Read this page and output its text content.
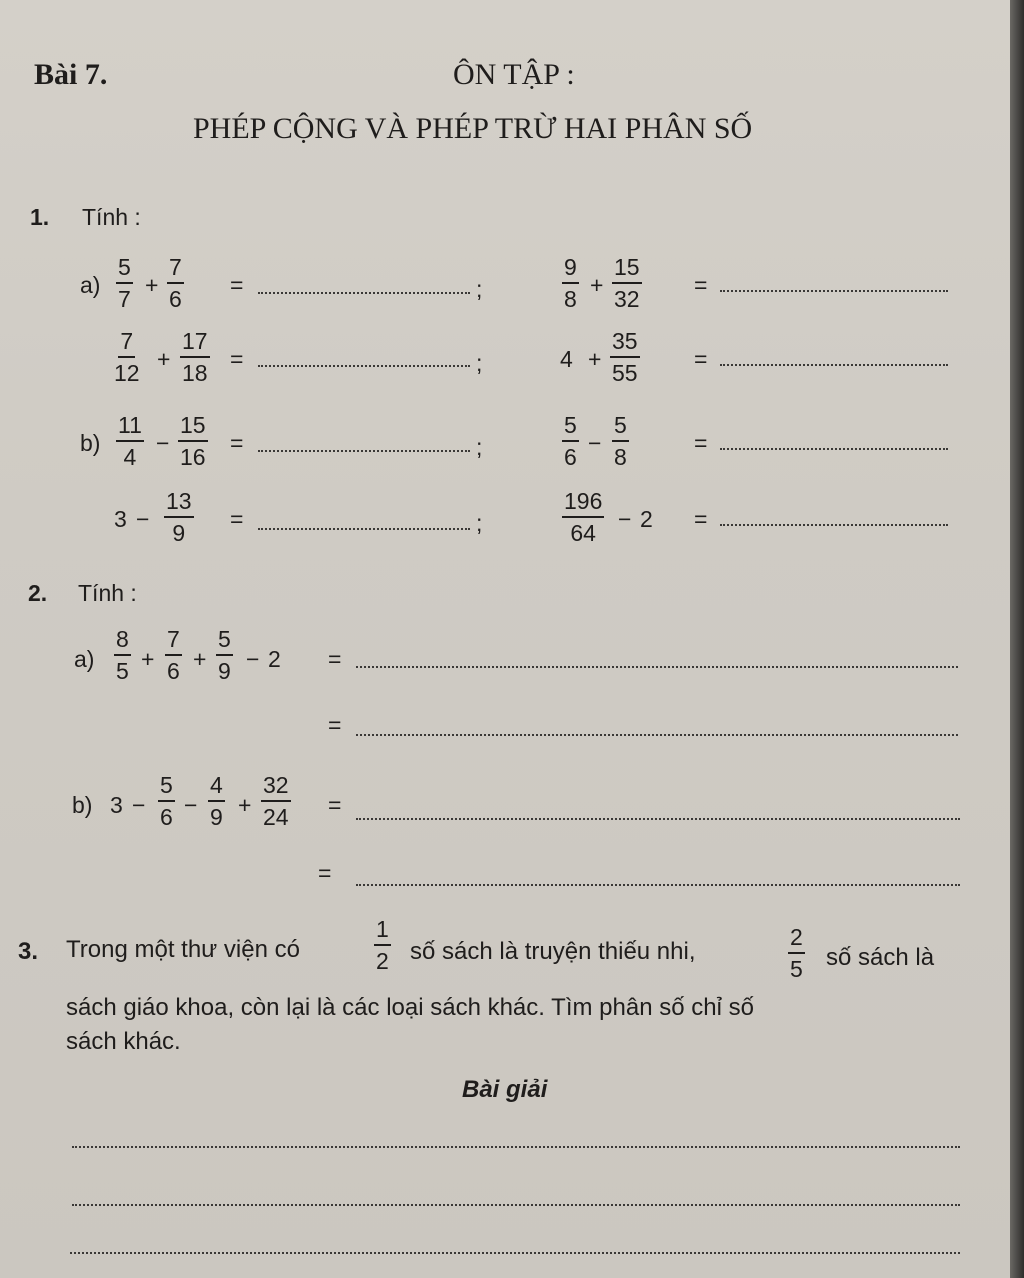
Bài 7.	ÔN TẬP :
PHÉP CỘNG VÀ PHÉP TRỪ HAI PHÂN SỐ
1. Tính :
$a) \frac{5}{7} + \frac{7}{6}$ =	;	$\frac{9}{8} + \frac{15}{32}$ =
$\frac{7}{12} + \frac{17}{18}$ =	;	$4 + \frac{35}{55}$ =
$b) \frac{11}{4} - \frac{15}{16}$ =	;	$\frac{5}{6} - \frac{5}{8}$	=
$3 - \frac{13}{9}$ =	;	$\frac{196}{64} - 2$ =
2. Tính :
$a) \frac{8}{5} + \frac{7}{6} + \frac{5}{9} - 2$ =
=
b) $3 - \frac{5}{6} - \frac{4}{9} + \frac{32}{24}$ =
=
3. Trong một thư viện có	$\frac{1}{2}$ số sách là truyện thiếu nhi,	$\frac{2}{5}$ số sách là
sách giáo khoa, còn lại là các loại sách khác. Tìm phân số chỉ số
sách khác.
Bài giải
